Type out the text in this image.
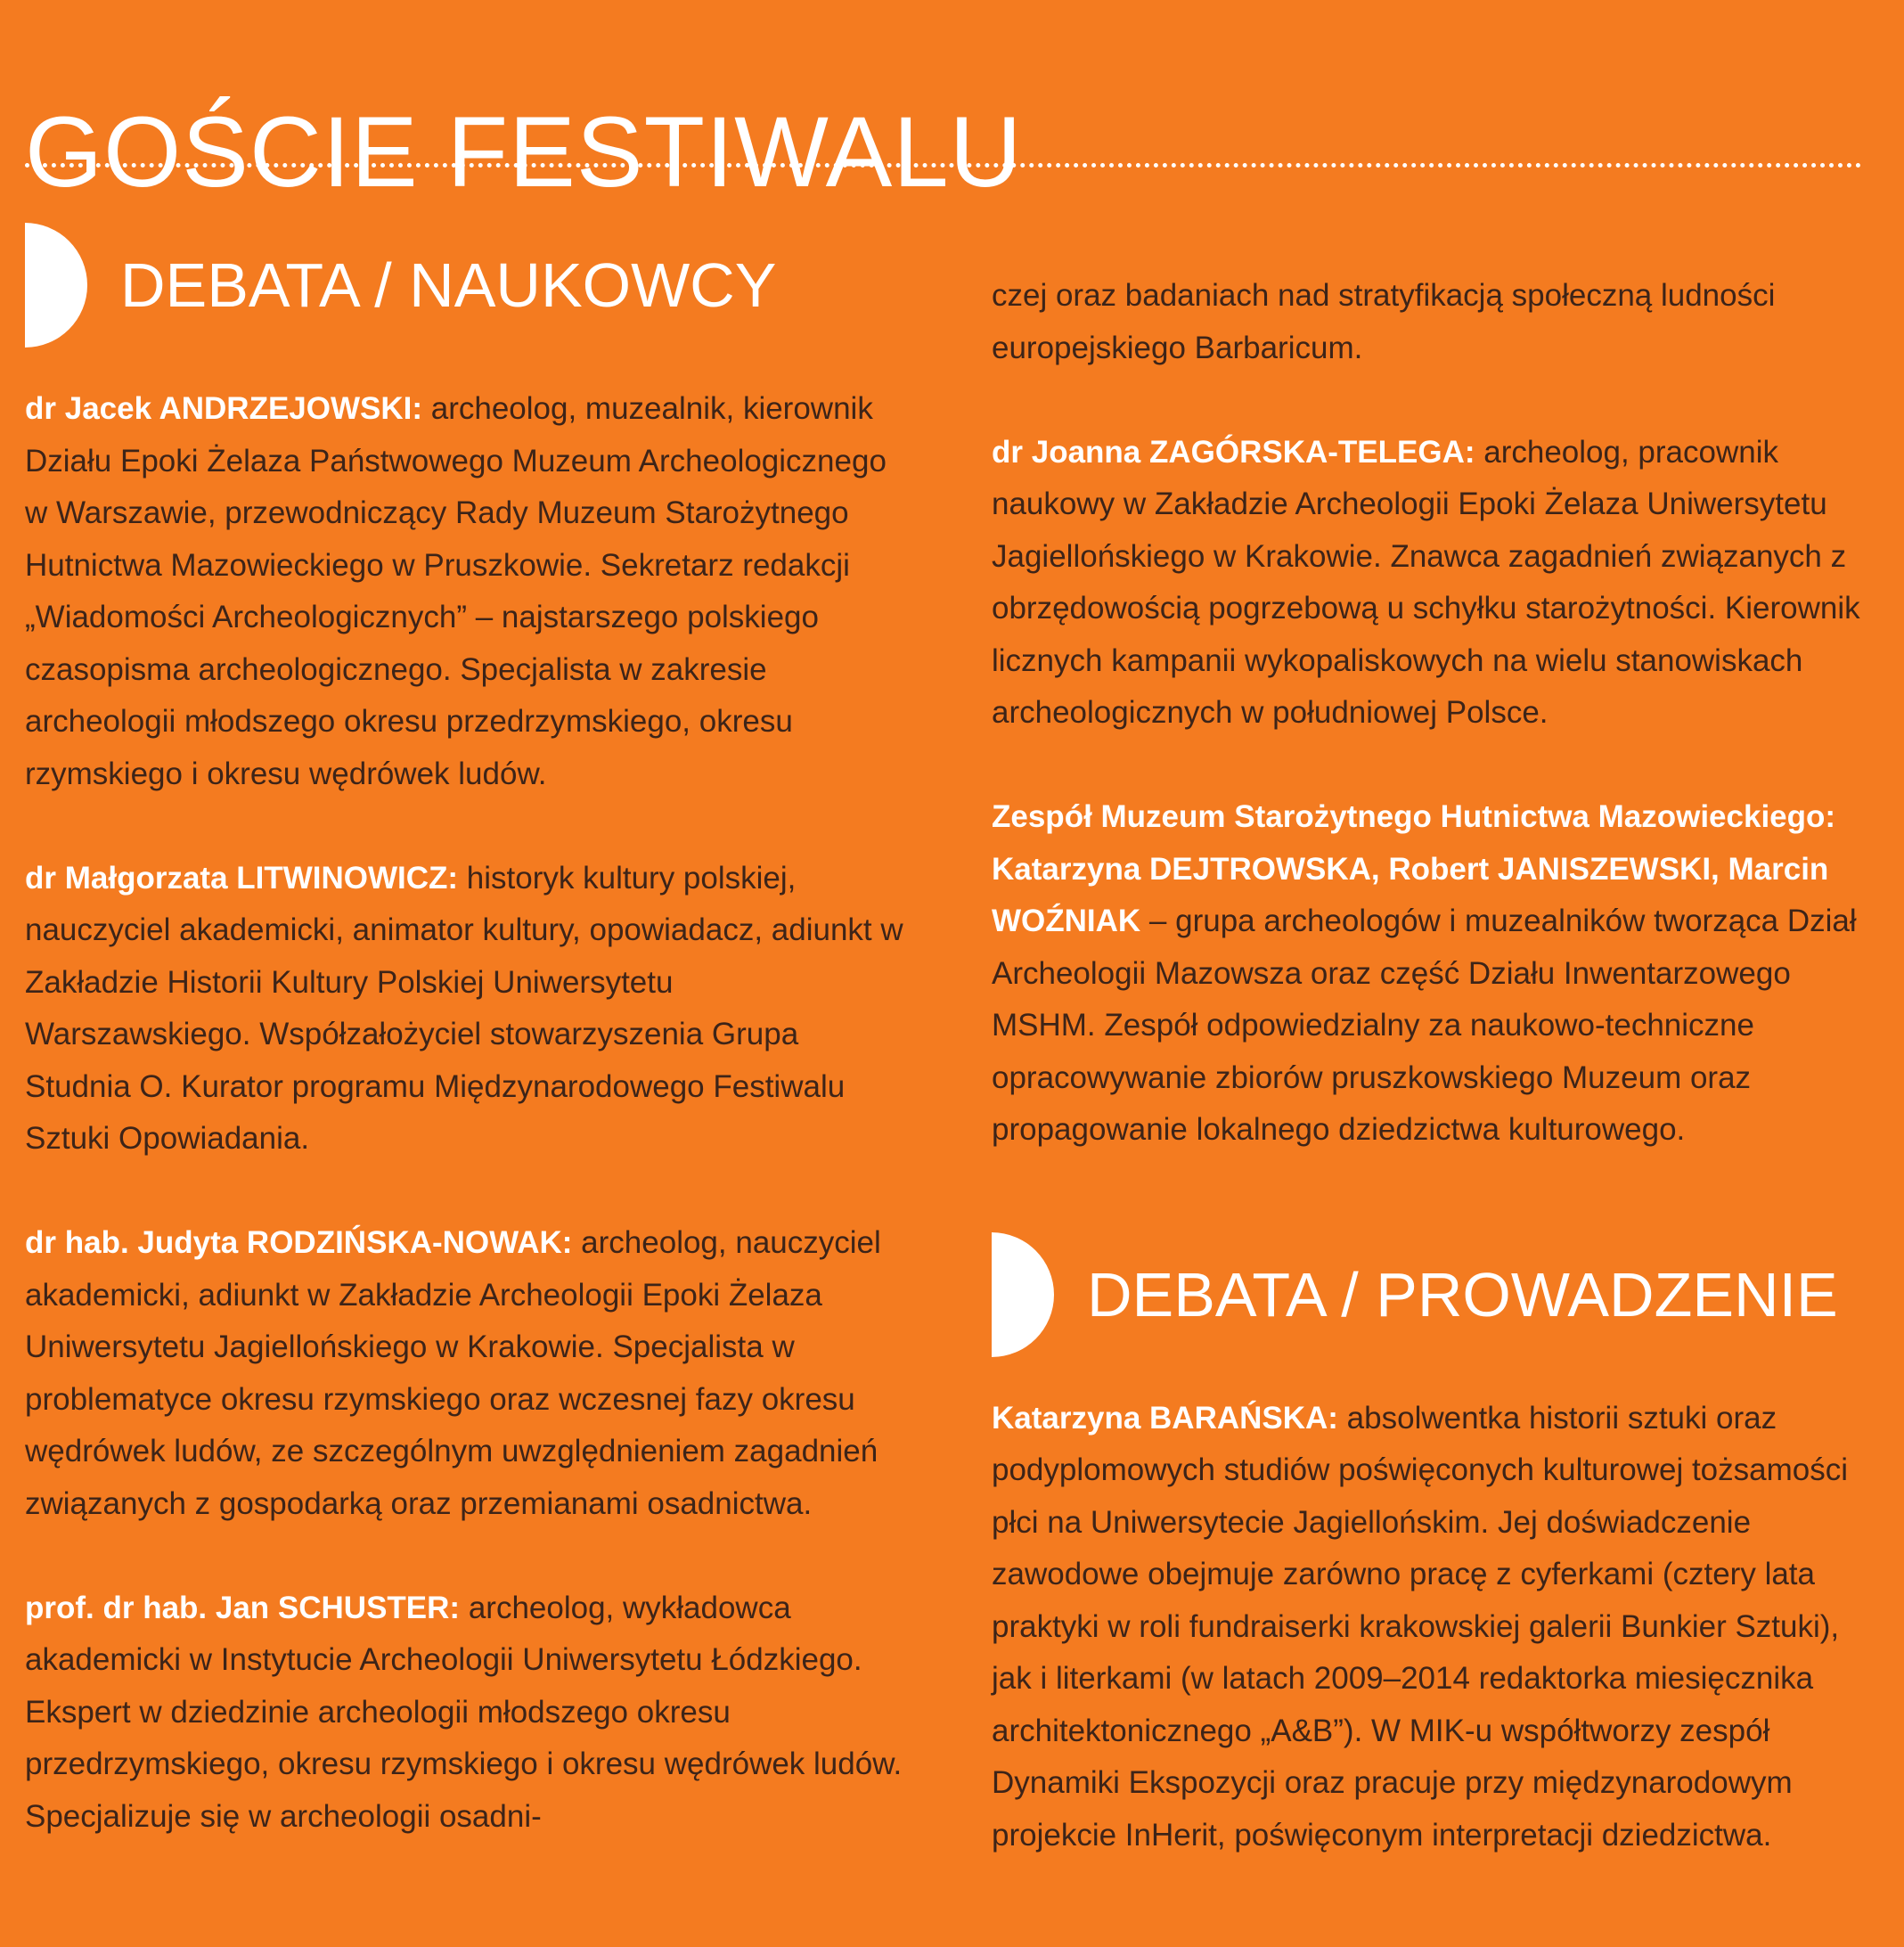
GOŚCIE FESTIWALU
DEBATA / NAUKOWCY

dr Jacek ANDRZEJOWSKI: archeolog, muzealnik, kierownik Działu Epoki Żelaza Państwowego Muzeum Archeologicznego w Warszawie, przewodniczący Rady Muzeum Starożytnego Hutnictwa Mazowieckiego w Pruszkowie. Sekretarz redakcji „Wiadomości Archeologicznych” – najstarszego polskiego czasopisma archeologicznego. Specjalista w zakresie archeologii młodszego okresu przedrzymskiego, okresu rzymskiego i okresu wędrówek ludów.

dr Małgorzata LITWINOWICZ: historyk kultury polskiej, nauczyciel akademicki, animator kultury, opowiadacz, adiunkt w Zakładzie Historii Kultury Polskiej Uniwersytetu Warszawskiego. Współzałożyciel stowarzyszenia Grupa Studnia O. Kurator programu Międzynarodowego Festiwalu Sztuki Opowiadania.

dr hab. Judyta RODZIŃSKA-NOWAK: archeolog, nauczyciel akademicki, adiunkt w Zakładzie Archeologii Epoki Żelaza Uniwersytetu Jagiellońskiego w Krakowie. Specjalista w problematyce okresu rzymskiego oraz wczesnej fazy okresu wędrówek ludów, ze szczególnym uwzględnieniem zagadnień związanych z gospodarką oraz przemianami osadnictwa.

prof. dr hab. Jan SCHUSTER: archeolog, wykładowca akademicki w Instytucie Archeologii Uniwersytetu Łódzkiego. Ekspert w dziedzinie archeologii młodszego okresu przedrzymskiego, okresu rzymskiego i okresu wędrówek ludów. Specjalizuje się w archeologii osadni-

czej oraz badaniach nad stratyfikacją społeczną ludności europejskiego Barbaricum.

dr Joanna ZAGÓRSKA-TELEGA: archeolog, pracownik naukowy w Zakładzie Archeologii Epoki Żelaza Uniwersytetu Jagiellońskiego w Krakowie. Znawca zagadnień związanych z obrzędowością pogrzebową u schyłku starożytności. Kierownik licznych kampanii wykopaliskowych na wielu stanowiskach archeologicznych w południowej Polsce.

Zespół Muzeum Starożytnego Hutnictwa Mazowieckiego: Katarzyna DEJTROWSKA, Robert JANISZEWSKI, Marcin WOŹNIAK – grupa archeologów i muzealników tworząca Dział Archeologii Mazowsza oraz część Działu Inwentarzowego MSHM. Zespół odpowiedzialny za naukowo-techniczne opracowywanie zbiorów pruszkowskiego Muzeum oraz propagowanie lokalnego dziedzictwa kulturowego.

DEBATA / PROWADZENIE

Katarzyna BARAŃSKA: absolwentka historii sztuki oraz podyplomowych studiów poświęconych kulturowej tożsamości płci na Uniwersytecie Jagiellońskim. Jej doświadczenie zawodowe obejmuje zarówno pracę z cyferkami (cztery lata praktyki w roli fundraiserki krakowskiej galerii Bunkier Sztuki), jak i literkami (w latach 2009–2014 redaktorka miesięcznika architektonicznego „A&B”). W MIK-u współtworzy zespół Dynamiki Ekspozycji oraz pracuje przy międzynarodowym projekcie InHerit, poświęconym interpretacji dziedzictwa.
